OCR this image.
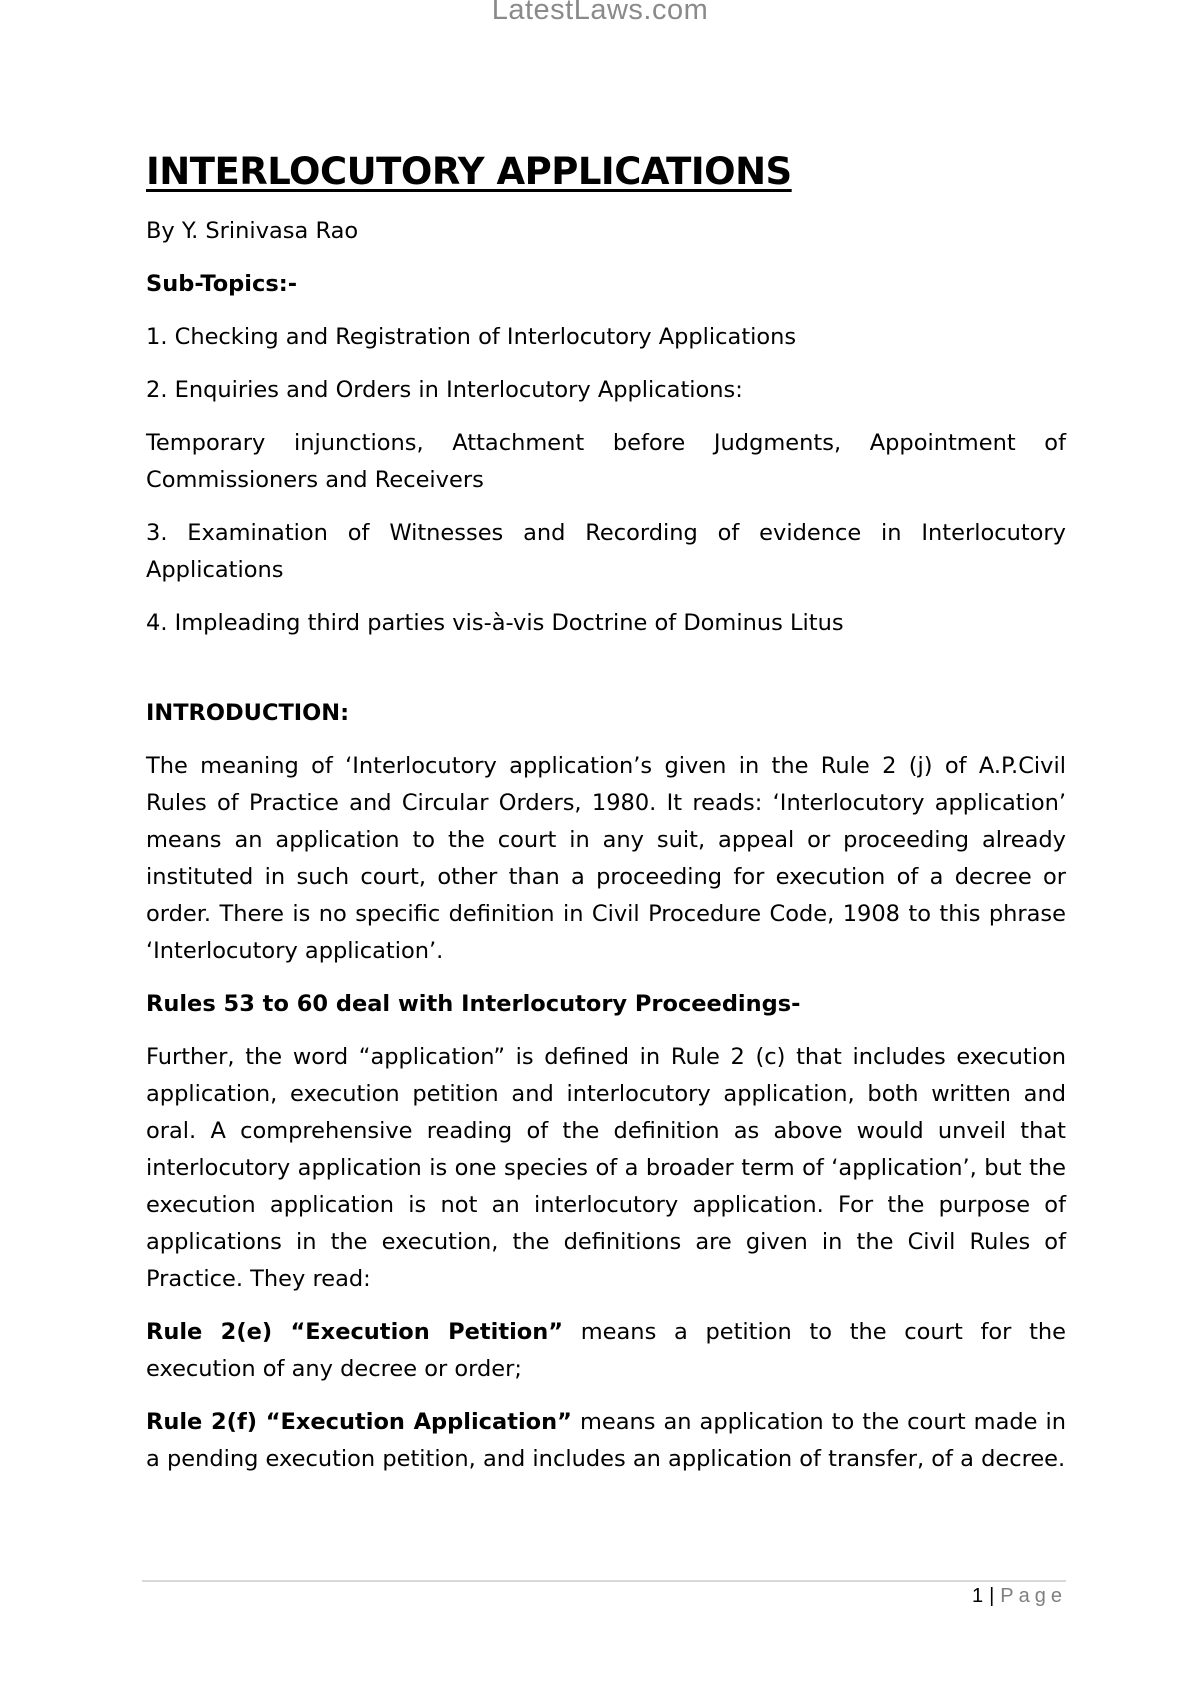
LatestLaws.com
INTERLOCUTORY APPLICATIONS
By Y. Srinivasa Rao
Sub-Topics:-
1. Checking and Registration of Interlocutory Applications
2. Enquiries and Orders in Interlocutory Applications:
Temporary injunctions, Attachment before Judgments, Appointment of Commissioners and Receivers
3. Examination of Witnesses and Recording of evidence in Interlocutory Applications
4. Impleading third parties vis-à-vis Doctrine of Dominus Litus
INTRODUCTION:
The meaning of ‘Interlocutory application’s given in the Rule 2 (j) of A.P.Civil Rules of Practice and Circular Orders, 1980. It reads: ‘Interlocutory application’ means an application to the court in any suit, appeal or proceeding already instituted in such court, other than a proceeding for execution of a decree or order. There is no specific definition in Civil Procedure Code, 1908 to this phrase ‘Interlocutory application’.
Rules 53 to 60 deal with Interlocutory Proceedings-
Further, the word “application” is defined in Rule 2 (c) that includes execution application, execution petition and interlocutory application, both written and oral. A comprehensive reading of the definition as above would unveil that interlocutory application is one species of a broader term of ‘application’, but the execution application is not an interlocutory application. For the purpose of applications in the execution, the definitions are given in the Civil Rules of Practice. They read:
Rule 2(e) “Execution Petition” means a petition to the court for the execution of any decree or order;
Rule 2(f) “Execution Application” means an application to the court made in a pending execution petition, and includes an application of transfer, of a decree.
1 | Page
